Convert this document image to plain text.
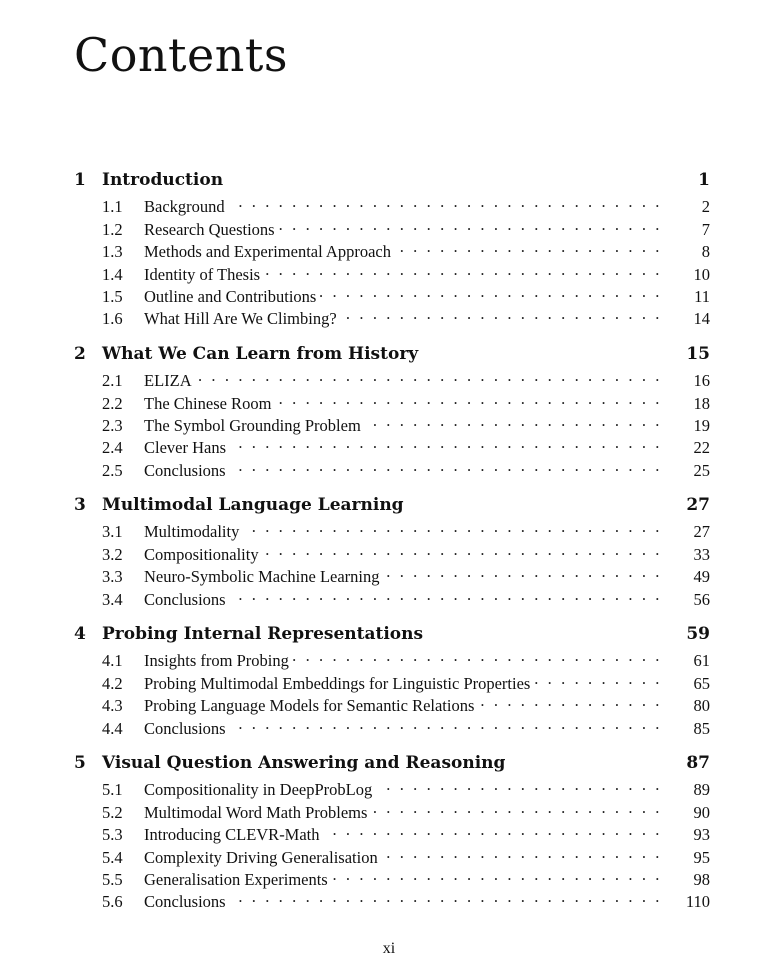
Contents
1 Introduction	1
1.1	Background . . .	2
1.2	Research Questions . . .	7
1.3	Methods and Experimental Approach . . .	8
1.4	Identity of Thesis . . .	10
1.5	Outline and Contributions . . .	11
1.6	What Hill Are We Climbing? . . .	14
2 What We Can Learn from History	15
2.1	ELIZA . . .	16
2.2	The Chinese Room . . .	18
2.3	The Symbol Grounding Problem . . .	19
2.4	Clever Hans . . .	22
2.5	Conclusions . . .	25
3 Multimodal Language Learning	27
3.1	Multimodality . . .	27
3.2	Compositionality . . .	33
3.3	Neuro-Symbolic Machine Learning . . .	49
3.4	Conclusions . . .	56
4 Probing Internal Representations	59
4.1	Insights from Probing . . .	61
4.2	Probing Multimodal Embeddings for Linguistic Properties . . .	65
4.3	Probing Language Models for Semantic Relations . . .	80
4.4	Conclusions . . .	85
5 Visual Question Answering and Reasoning	87
5.1	Compositionality in DeepProbLog . . .	89
5.2	Multimodal Word Math Problems . . .	90
5.3	Introducing CLEVR-Math . . .	93
5.4	Complexity Driving Generalisation . . .	95
5.5	Generalisation Experiments . . .	98
5.6	Conclusions . . .	110
xi
